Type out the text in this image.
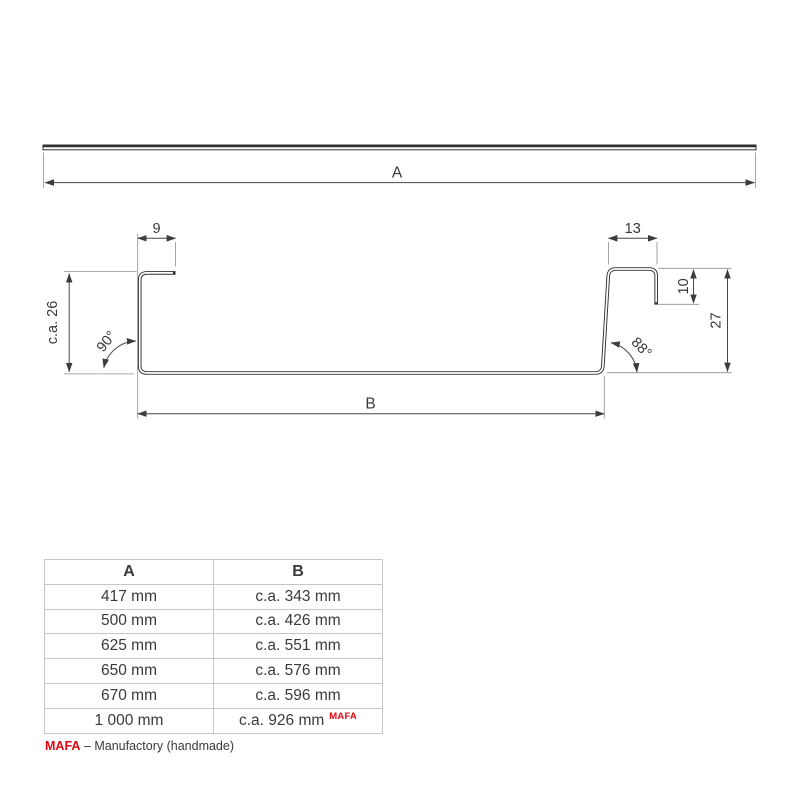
A
9	13
c.a. 26 90°	88°
10
27
B
A	B
417 mm	c.a. 343 mm
500 mm	c.a. 426 mm
625 mm	c.a. 551 mm
650 mm	c.a. 576 mm
670 mm	c.a. 596 mm
1 000 mm	c.a. 926 mm $^{MAFA}$
MAFA – Manufactory (handmade)
